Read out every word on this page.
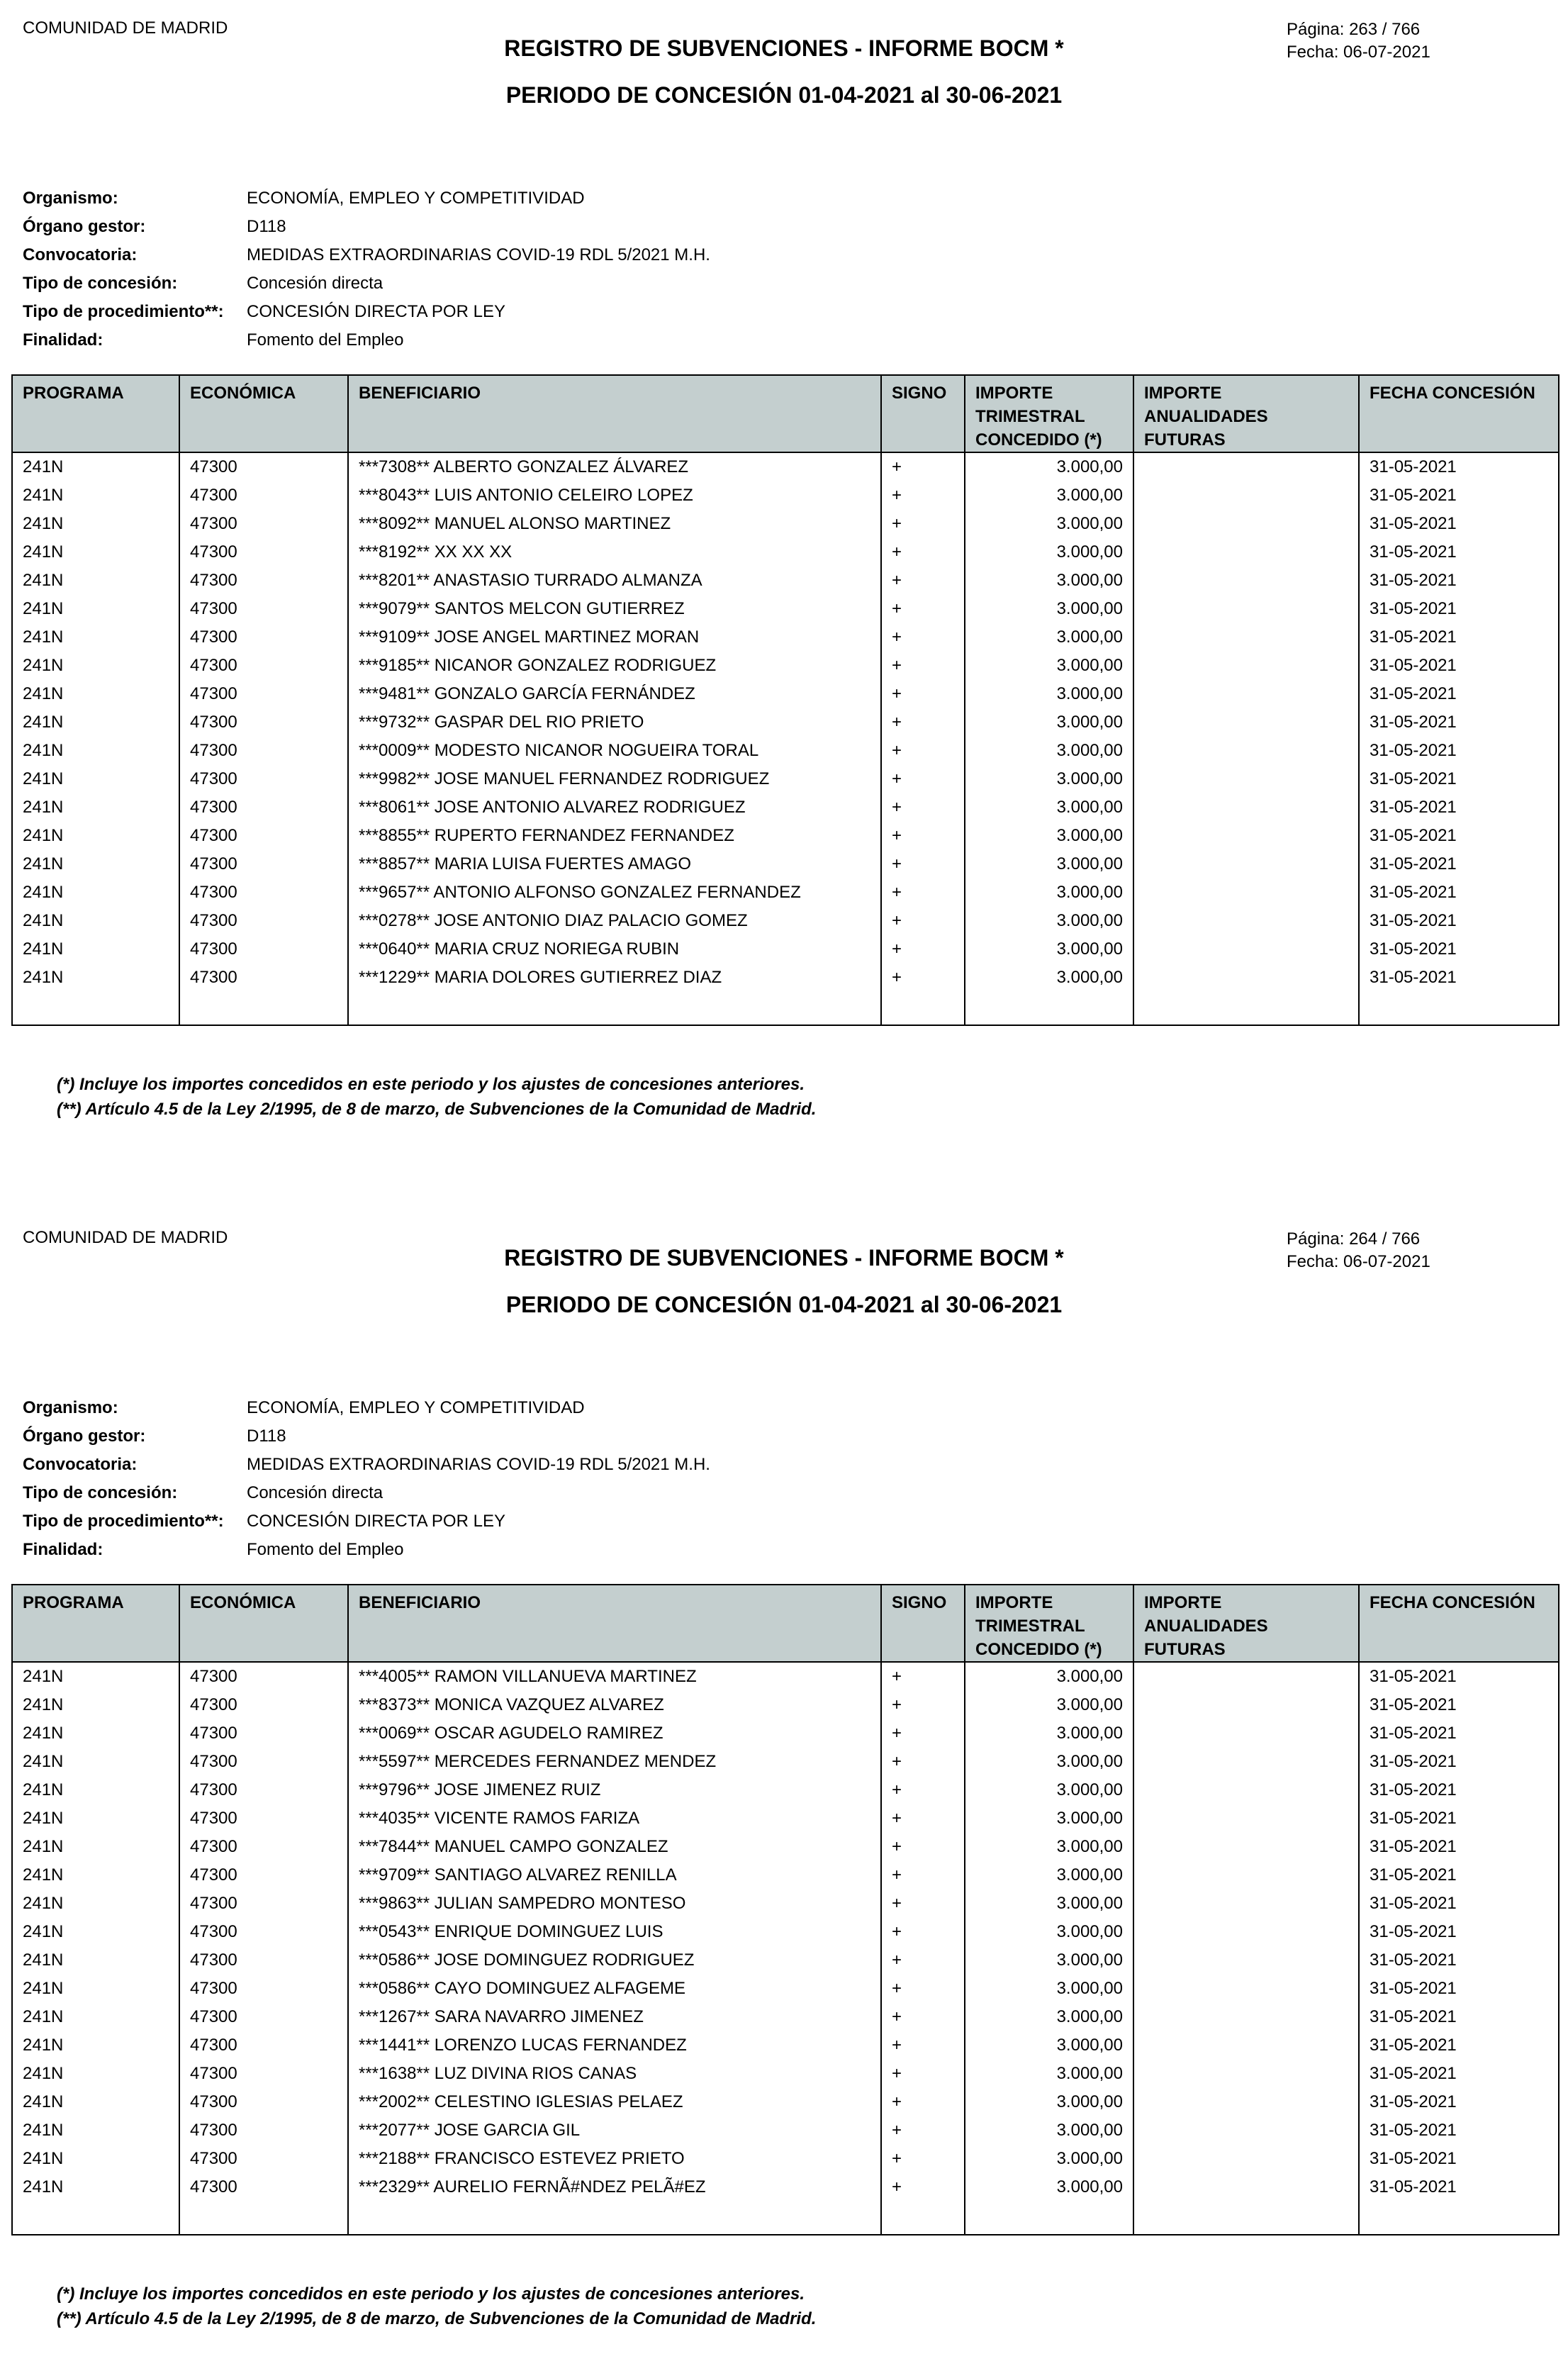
COMUNIDAD DE MADRID
REGISTRO DE SUBVENCIONES - INFORME BOCM *
PERIODO DE CONCESIÓN 01-04-2021 al 30-06-2021
Página: 263 / 766
Fecha: 06-07-2021
Organismo:	ECONOMÍA, EMPLEO Y COMPETITIVIDAD
Órgano gestor:	D118
Convocatoria:	MEDIDAS EXTRAORDINARIAS COVID-19 RDL 5/2021 M.H.
Tipo de concesión:	Concesión directa
Tipo de procedimiento**: CONCESIÓN DIRECTA POR LEY
Finalidad:	Fomento del Empleo
PROGRAMA	ECONÓMICA	BENEFICIARIO	SIGNO	IMPORTE TRIMESTRAL CONCEDIDO (*)	IMPORTE ANUALIDADES FUTURAS	FECHA CONCESIÓN
241N	47300	***7308** ALBERTO GONZALEZ ÁLVAREZ	+	3.000,00		31-05-2021
241N	47300	***8043** LUIS ANTONIO CELEIRO LOPEZ	+	3.000,00		31-05-2021
241N	47300	***8092** MANUEL ALONSO MARTINEZ	+	3.000,00		31-05-2021
241N	47300	***8192** XX XX XX	+	3.000,00		31-05-2021
241N	47300	***8201** ANASTASIO TURRADO ALMANZA	+	3.000,00		31-05-2021
241N	47300	***9079** SANTOS MELCON GUTIERREZ	+	3.000,00		31-05-2021
241N	47300	***9109** JOSE ANGEL MARTINEZ MORAN	+	3.000,00		31-05-2021
241N	47300	***9185** NICANOR GONZALEZ RODRIGUEZ	+	3.000,00		31-05-2021
241N	47300	***9481** GONZALO GARCÍA FERNÁNDEZ	+	3.000,00		31-05-2021
241N	47300	***9732** GASPAR DEL RIO PRIETO	+	3.000,00		31-05-2021
241N	47300	***0009** MODESTO NICANOR NOGUEIRA TORAL	+	3.000,00		31-05-2021
241N	47300	***9982** JOSE MANUEL FERNANDEZ RODRIGUEZ	+	3.000,00		31-05-2021
241N	47300	***8061** JOSE ANTONIO ALVAREZ RODRIGUEZ	+	3.000,00		31-05-2021
241N	47300	***8855** RUPERTO FERNANDEZ FERNANDEZ	+	3.000,00		31-05-2021
241N	47300	***8857** MARIA LUISA FUERTES AMAGO	+	3.000,00		31-05-2021
241N	47300	***9657** ANTONIO ALFONSO GONZALEZ FERNANDEZ	+	3.000,00		31-05-2021
241N	47300	***0278** JOSE ANTONIO DIAZ PALACIO GOMEZ	+	3.000,00		31-05-2021
241N	47300	***0640** MARIA CRUZ NORIEGA RUBIN	+	3.000,00		31-05-2021
241N	47300	***1229** MARIA DOLORES GUTIERREZ DIAZ	+	3.000,00		31-05-2021

(*) Incluye los importes concedidos en este periodo y los ajustes de concesiones anteriores.
(**) Artículo 4.5 de la Ley 2/1995, de 8 de marzo, de Subvenciones de la Comunidad de Madrid.
COMUNIDAD DE MADRID
REGISTRO DE SUBVENCIONES - INFORME BOCM *
PERIODO DE CONCESIÓN 01-04-2021 al 30-06-2021
Página: 264 / 766
Fecha: 06-07-2021
Organismo:	ECONOMÍA, EMPLEO Y COMPETITIVIDAD
Órgano gestor:	D118
Convocatoria:	MEDIDAS EXTRAORDINARIAS COVID-19 RDL 5/2021 M.H.
Tipo de concesión:	Concesión directa
Tipo de procedimiento**: CONCESIÓN DIRECTA POR LEY
Finalidad:	Fomento del Empleo
PROGRAMA	ECONÓMICA	BENEFICIARIO	SIGNO	IMPORTE TRIMESTRAL CONCEDIDO (*)	IMPORTE ANUALIDADES FUTURAS	FECHA CONCESIÓN
241N	47300	***4005** RAMON VILLANUEVA MARTINEZ	+	3.000,00		31-05-2021
241N	47300	***8373** MONICA VAZQUEZ ALVAREZ	+	3.000,00		31-05-2021
241N	47300	***0069** OSCAR AGUDELO RAMIREZ	+	3.000,00		31-05-2021
241N	47300	***5597** MERCEDES FERNANDEZ MENDEZ	+	3.000,00		31-05-2021
241N	47300	***9796** JOSE JIMENEZ RUIZ	+	3.000,00		31-05-2021
241N	47300	***4035** VICENTE RAMOS FARIZA	+	3.000,00		31-05-2021
241N	47300	***7844** MANUEL CAMPO GONZALEZ	+	3.000,00		31-05-2021
241N	47300	***9709** SANTIAGO ALVAREZ RENILLA	+	3.000,00		31-05-2021
241N	47300	***9863** JULIAN SAMPEDRO MONTESO	+	3.000,00		31-05-2021
241N	47300	***0543** ENRIQUE DOMINGUEZ LUIS	+	3.000,00		31-05-2021
241N	47300	***0586** JOSE DOMINGUEZ RODRIGUEZ	+	3.000,00		31-05-2021
241N	47300	***0586** CAYO DOMINGUEZ ALFAGEME	+	3.000,00		31-05-2021
241N	47300	***1267** SARA NAVARRO JIMENEZ	+	3.000,00		31-05-2021
241N	47300	***1441** LORENZO LUCAS FERNANDEZ	+	3.000,00		31-05-2021
241N	47300	***1638** LUZ DIVINA RIOS CANAS	+	3.000,00		31-05-2021
241N	47300	***2002** CELESTINO IGLESIAS PELAEZ	+	3.000,00		31-05-2021
241N	47300	***2077** JOSE GARCIA GIL	+	3.000,00		31-05-2021
241N	47300	***2188** FRANCISCO ESTEVEZ PRIETO	+	3.000,00		31-05-2021
241N	47300	***2329** AURELIO FERNÃ#NDEZ PELÃ#EZ	+	3.000,00		31-05-2021

(*) Incluye los importes concedidos en este periodo y los ajustes de concesiones anteriores.
(**) Artículo 4.5 de la Ley 2/1995, de 8 de marzo, de Subvenciones de la Comunidad de Madrid.
